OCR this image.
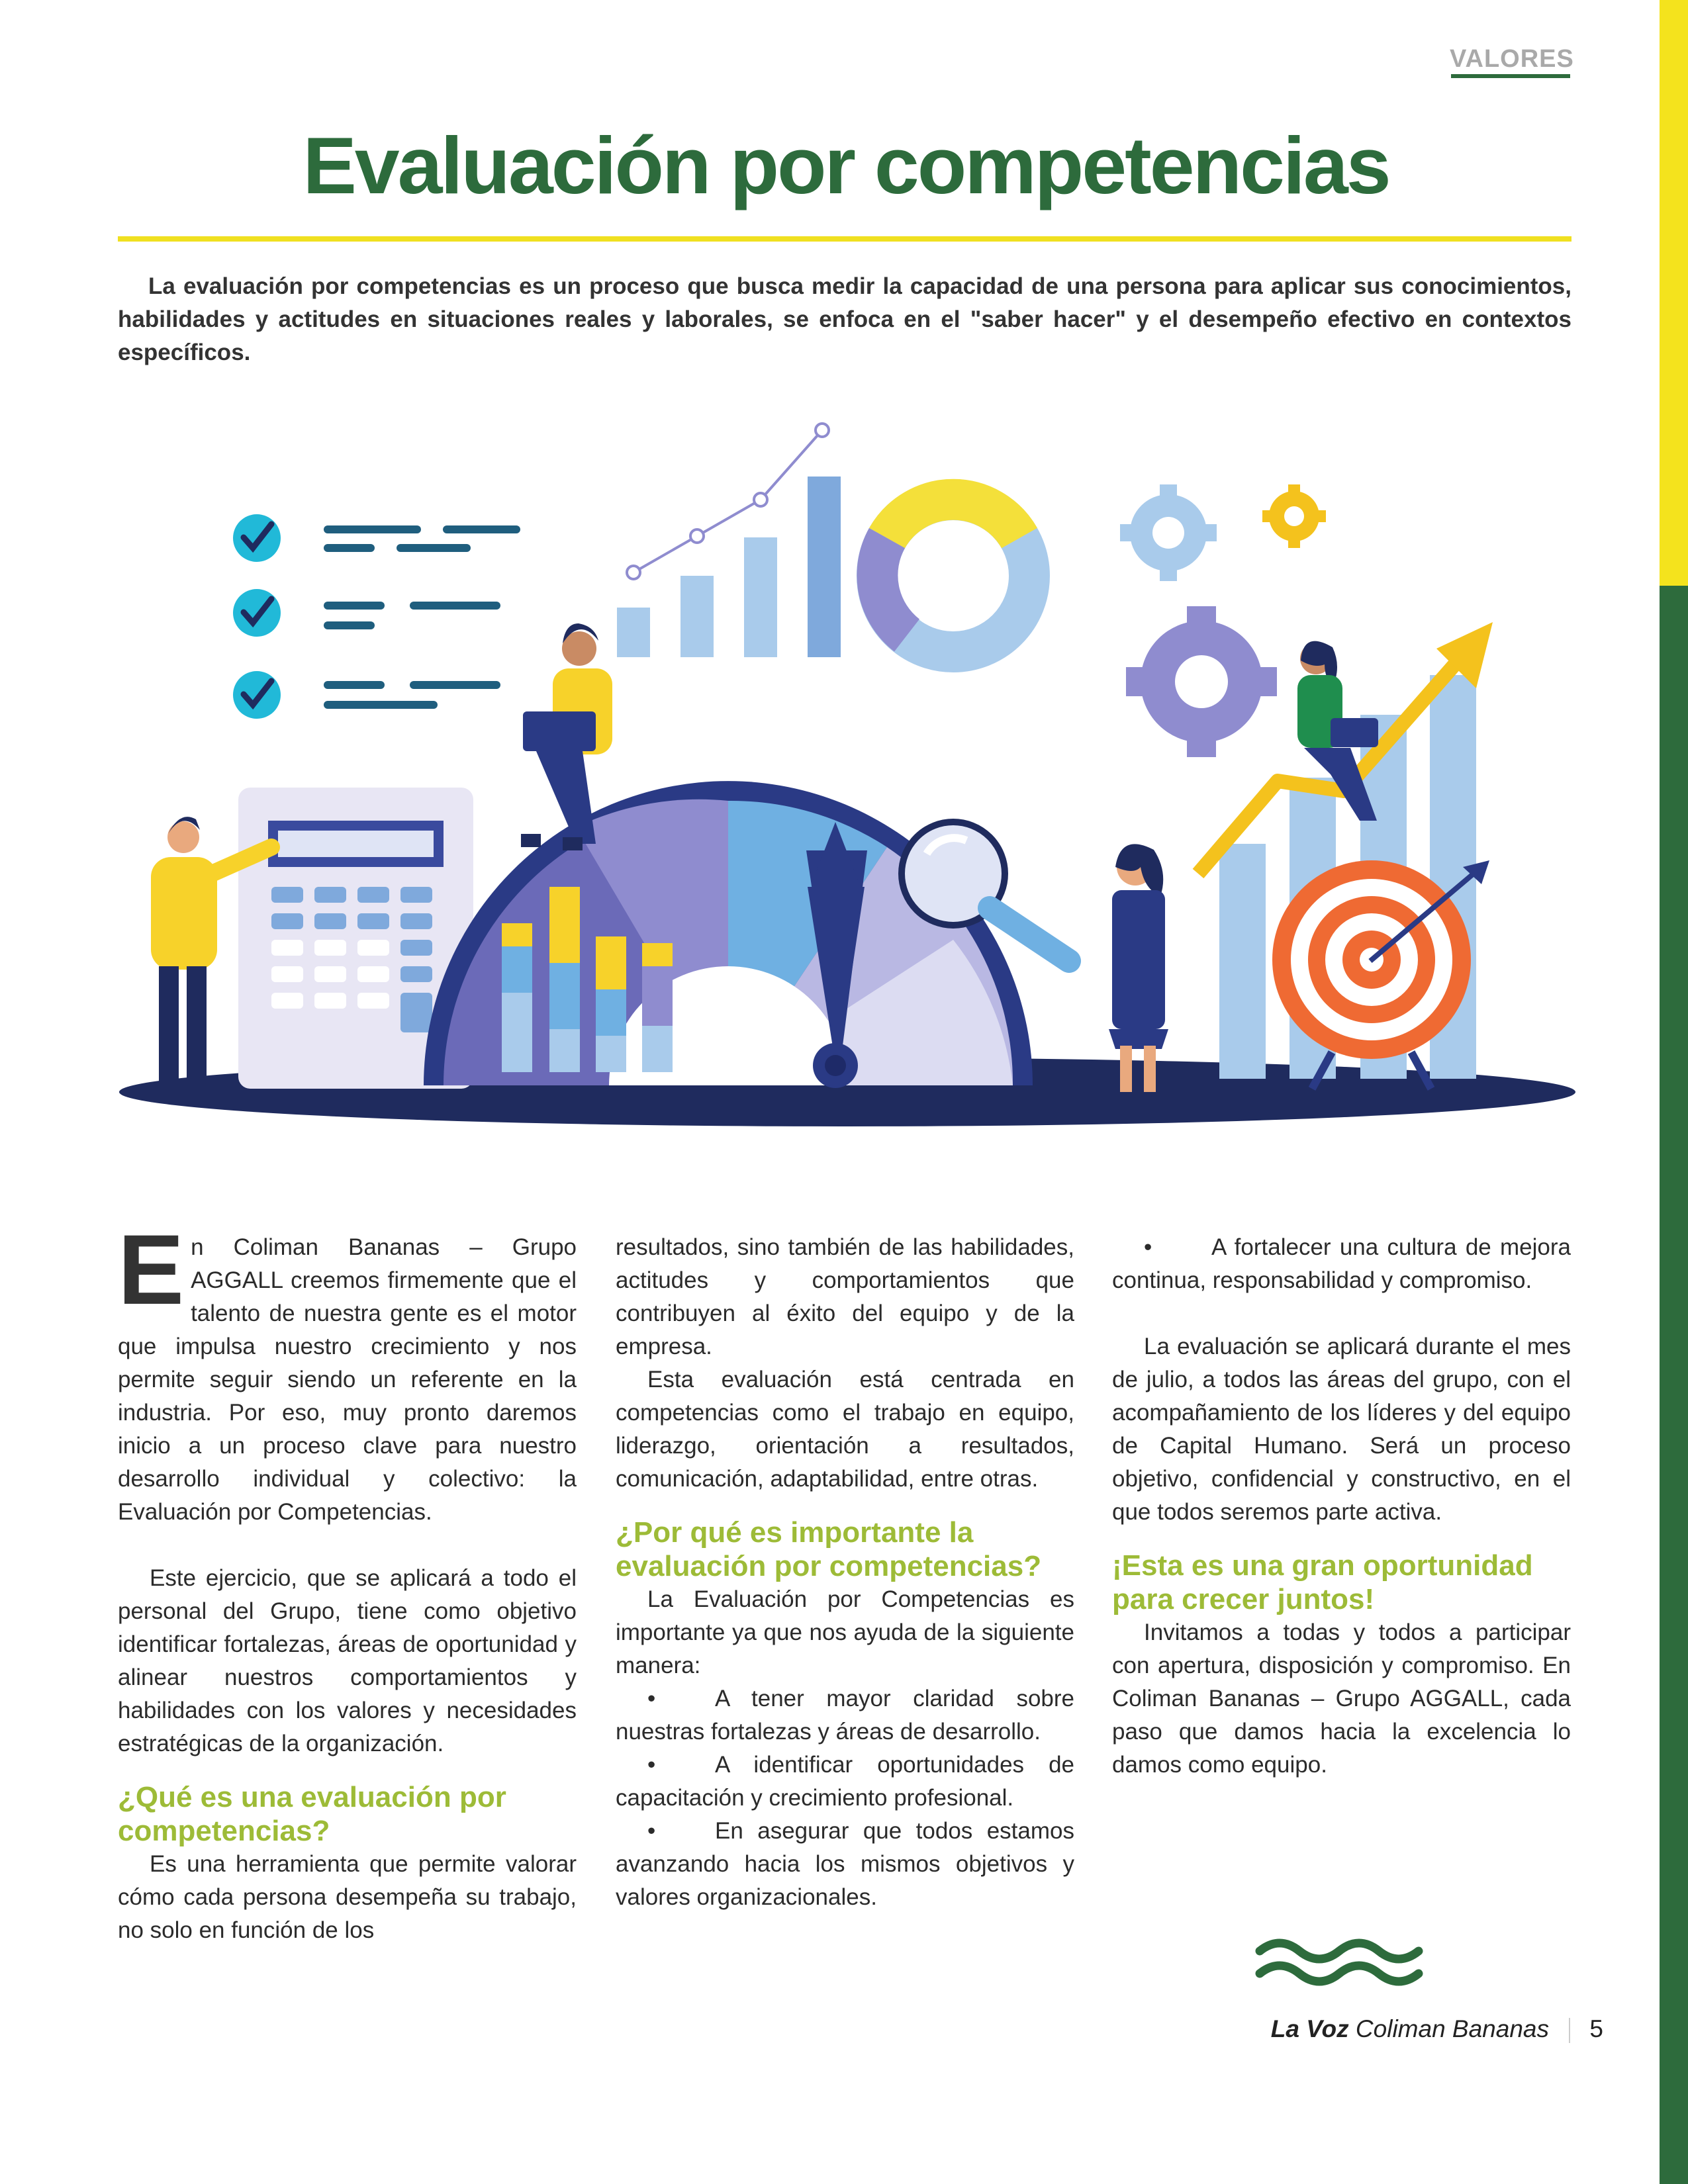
VALORES
Evaluación por competencias

La evaluación por competencias es un proceso que busca medir la capacidad de una persona para aplicar sus conocimientos, habilidades y actitudes en situaciones reales y laborales, se enfoca en el "saber hacer" y el desempeño efectivo en contextos específicos.

En Coliman Bananas – Grupo AGGALL creemos firmemente que el talento de nuestra gente es el motor que impulsa nuestro crecimiento y nos permite seguir siendo un referente en la industria. Por eso, muy pronto daremos inicio a un proceso clave para nuestro desarrollo individual y colectivo: la Evaluación por Competencias.

Este ejercicio, que se aplicará a todo el personal del Grupo, tiene como objetivo identificar fortalezas, áreas de oportunidad y alinear nuestros comportamientos y habilidades con los valores y necesidades estratégicas de la organización.

¿Qué es una evaluación por competencias?

Es una herramienta que permite valorar cómo cada persona desempeña su trabajo, no solo en función de los

resultados, sino también de las habilidades, actitudes y comportamientos que contribuyen al éxito del equipo y de la empresa.

Esta evaluación está centrada en competencias como el trabajo en equipo, liderazgo, orientación a resultados, comunicación, adaptabilidad, entre otras.

¿Por qué es importante la evaluación por competencias?

La Evaluación por Competencias es importante ya que nos ayuda de la siguiente manera:

•	A tener mayor claridad sobre nuestras fortalezas y áreas de desarrollo.

•	A identificar oportunidades de capacitación y crecimiento profesional.

•	En asegurar que todos estamos avanzando hacia los mismos objetivos y valores organizacionales.

•	A fortalecer una cultura de mejora continua, responsabilidad y compromiso.

La evaluación se aplicará durante el mes de julio, a todos las áreas del grupo, con el acompañamiento de los líderes y del equipo de Capital Humano. Será un proceso objetivo, confidencial y constructivo, en el que todos seremos parte activa.

¡Esta es una gran oportunidad para crecer juntos!

Invitamos a todas y todos a participar con apertura, disposición y compromiso. En Coliman Bananas – Grupo AGGALL, cada paso que damos hacia la excelencia lo damos como equipo.

La Voz Coliman Bananas 5
